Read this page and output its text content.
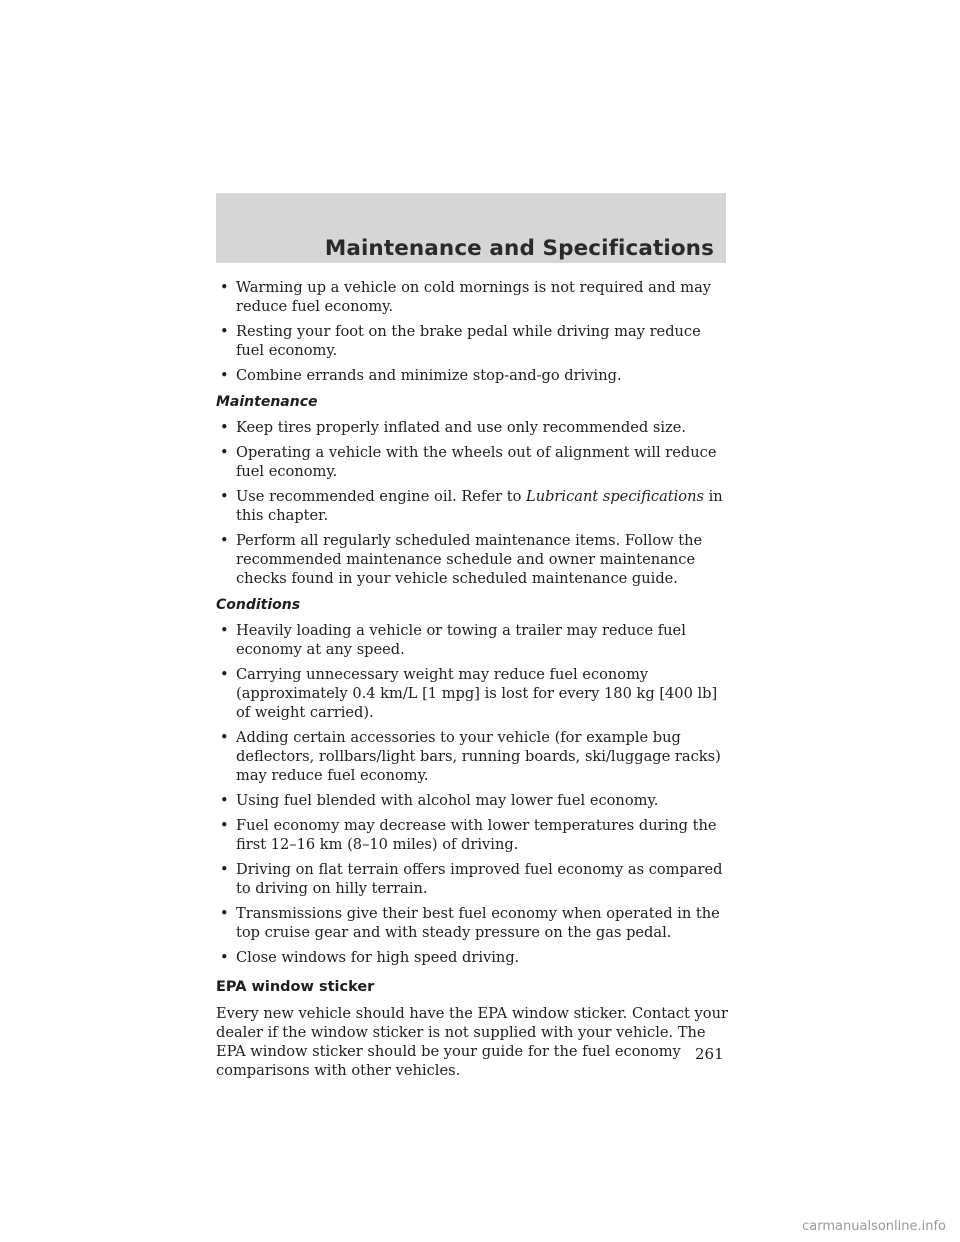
Maintenance and Specifications
• Warming up a vehicle on cold mornings is not required and may reduce fuel economy.
• Resting your foot on the brake pedal while driving may reduce fuel economy.
• Combine errands and minimize stop-and-go driving.
Maintenance
• Keep tires properly inflated and use only recommended size.
• Operating a vehicle with the wheels out of alignment will reduce fuel economy.
• Use recommended engine oil. Refer to Lubricant specifications in this chapter.
• Perform all regularly scheduled maintenance items. Follow the recommended maintenance schedule and owner maintenance checks found in your vehicle scheduled maintenance guide.
Conditions
• Heavily loading a vehicle or towing a trailer may reduce fuel economy at any speed.
• Carrying unnecessary weight may reduce fuel economy (approximately 0.4 km/L [1 mpg] is lost for every 180 kg [400 lb] of weight carried).
• Adding certain accessories to your vehicle (for example bug deflectors, rollbars/light bars, running boards, ski/luggage racks) may reduce fuel economy.
• Using fuel blended with alcohol may lower fuel economy.
• Fuel economy may decrease with lower temperatures during the first 12–16 km (8–10 miles) of driving.
• Driving on flat terrain offers improved fuel economy as compared to driving on hilly terrain.
• Transmissions give their best fuel economy when operated in the top cruise gear and with steady pressure on the gas pedal.
• Close windows for high speed driving.
EPA window sticker

Every new vehicle should have the EPA window sticker. Contact your dealer if the window sticker is not supplied with your vehicle. The EPA window sticker should be your guide for the fuel economy comparisons with other vehicles.

261
carmanualsonline.info
